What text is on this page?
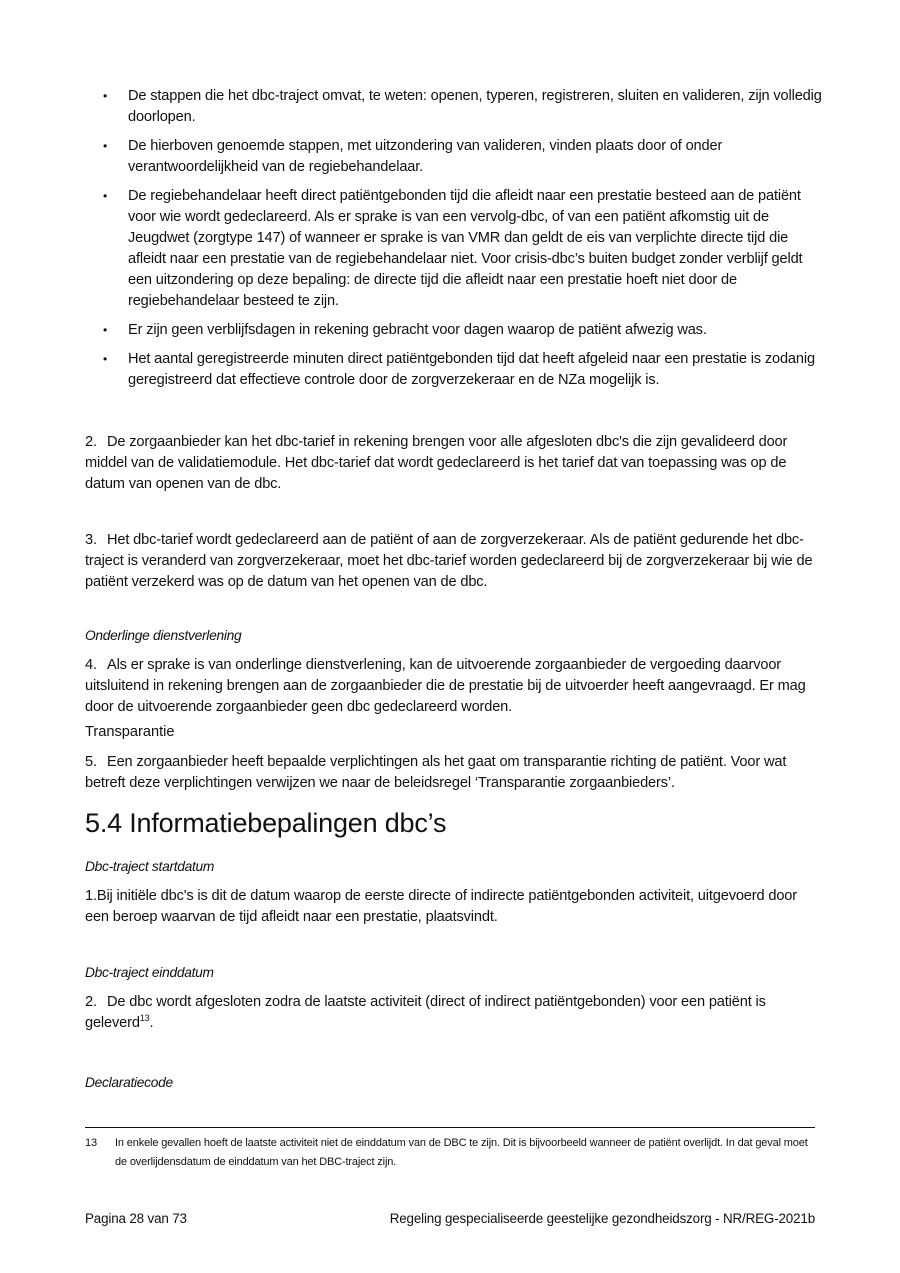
• De stappen die het dbc-traject omvat, te weten: openen, typeren, registreren, sluiten en valideren, zijn volledig doorlopen.
• De hierboven genoemde stappen, met uitzondering van valideren, vinden plaats door of onder verantwoordelijkheid van de regiebehandelaar.
• De regiebehandelaar heeft direct patiëntgebonden tijd die afleidt naar een prestatie besteed aan de patiënt voor wie wordt gedeclareerd. Als er sprake is van een vervolg-dbc, of van een patiënt afkomstig uit de Jeugdwet (zorgtype 147) of wanneer er sprake is van VMR dan geldt de eis van verplichte directe tijd die afleidt naar een prestatie van de regiebehandelaar niet. Voor crisis-dbc’s buiten budget zonder verblijf geldt een uitzondering op deze bepaling: de directe tijd die afleidt naar een prestatie hoeft niet door de regiebehandelaar besteed te zijn.
• Er zijn geen verblijfsdagen in rekening gebracht voor dagen waarop de patiënt afwezig was.
• Het aantal geregistreerde minuten direct patiëntgebonden tijd dat heeft afgeleid naar een prestatie is zodanig geregistreerd dat effectieve controle door de zorgverzekeraar en de NZa mogelijk is.

2. De zorgaanbieder kan het dbc-tarief in rekening brengen voor alle afgesloten dbc's die zijn gevalideerd door middel van de validatiemodule. Het dbc-tarief dat wordt gedeclareerd is het tarief dat van toepassing was op de datum van openen van de dbc.

3. Het dbc-tarief wordt gedeclareerd aan de patiënt of aan de zorgverzekeraar. Als de patiënt gedurende het dbc-traject is veranderd van zorgverzekeraar, moet het dbc-tarief worden gedeclareerd bij de zorgverzekeraar bij wie de patiënt verzekerd was op de datum van het openen van de dbc.

Onderlinge dienstverlening

4. Als er sprake is van onderlinge dienstverlening, kan de uitvoerende zorgaanbieder de vergoeding daarvoor uitsluitend in rekening brengen aan de zorgaanbieder die de prestatie bij de uitvoerder heeft aangevraagd. Er mag door de uitvoerende zorgaanbieder geen dbc gedeclareerd worden.

Transparantie

5. Een zorgaanbieder heeft bepaalde verplichtingen als het gaat om transparantie richting de patiënt. Voor wat betreft deze verplichtingen verwijzen we naar de beleidsregel ‘Transparantie zorgaanbieders’.

5.4 Informatiebepalingen dbc’s

Dbc-traject startdatum

1.Bij initiële dbc's is dit de datum waarop de eerste directe of indirecte patiëntgebonden activiteit, uitgevoerd door een beroep waarvan de tijd afleidt naar een prestatie, plaatsvindt.

Dbc-traject einddatum

2. De dbc wordt afgesloten zodra de laatste activiteit (direct of indirect patiëntgebonden) voor een patiënt is geleverd$^{13}$.

Declaratiecode

13 In enkele gevallen hoeft de laatste activiteit niet de einddatum van de DBC te zijn. Dit is bijvoorbeeld wanneer de patiënt overlijdt. In dat geval moet de overlijdensdatum de einddatum van het DBC-traject zijn.
Pagina 28 van 73	Regeling gespecialiseerde geestelijke gezondheidszorg - NR/REG-2021b
